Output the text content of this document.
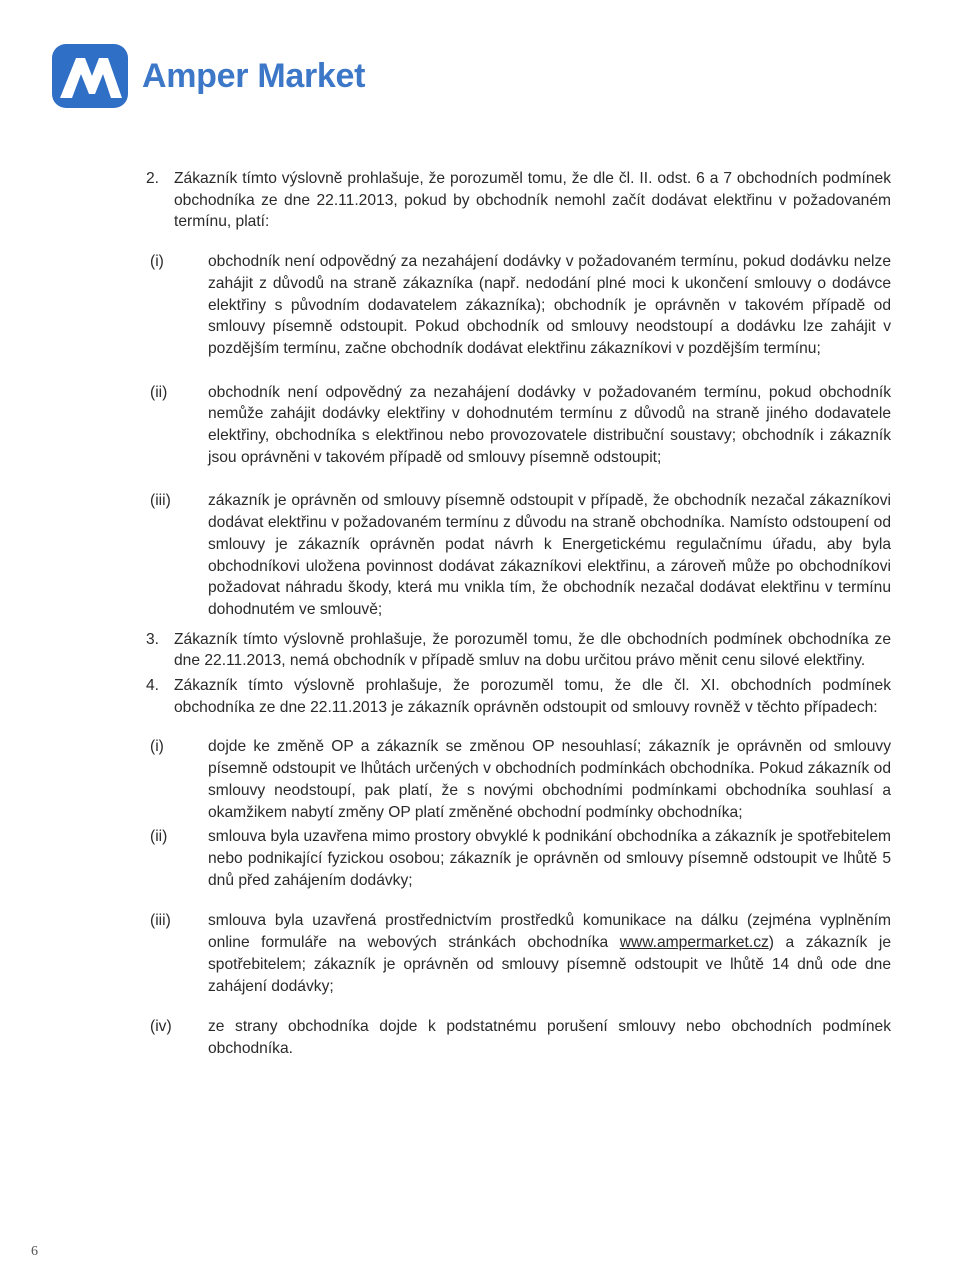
Amper Market
2. Zákazník tímto výslovně prohlašuje, že porozuměl tomu, že dle čl. II. odst. 6 a 7 obchodních podmínek obchodníka ze dne 22.11.2013, pokud by obchodník nemohl začít dodávat elektřinu v požadovaném termínu, platí:

(i)	obchodník není odpovědný za nezahájení dodávky v požadovaném termínu, pokud dodávku nelze zahájit z důvodů na straně zákazníka (např. nedodání plné moci k ukončení smlouvy o dodávce elektřiny s původním dodavatelem zákazníka); obchodník je oprávněn v takovém případě od smlouvy písemně odstoupit. Pokud obchodník od smlouvy neodstoupí a dodávku lze zahájit v pozdějším termínu, začne obchodník dodávat elektřinu zákazníkovi v pozdějším termínu;

(ii)	obchodník není odpovědný za nezahájení dodávky v požadovaném termínu, pokud obchodník nemůže zahájit dodávky elektřiny v dohodnutém termínu z důvodů na straně jiného dodavatele elektřiny, obchodníka s elektřinou nebo provozovatele distribuční soustavy; obchodník i zákazník jsou oprávněni v takovém případě od smlouvy písemně odstoupit;

(iii) zákazník je oprávněn od smlouvy písemně odstoupit v případě, že obchodník nezačal zákazníkovi dodávat elektřinu v požadovaném termínu z důvodu na straně obchodníka. Namísto odstoupení od smlouvy je zákazník oprávněn podat návrh k Energetickému regulačnímu úřadu, aby byla obchodníkovi uložena povinnost dodávat zákazníkovi elektřinu, a zároveň může po obchodníkovi požadovat náhradu škody, která mu vnikla tím, že obchodník nezačal dodávat elektřinu v termínu dohodnutém ve smlouvě;

3. Zákazník tímto výslovně prohlašuje, že porozuměl tomu, že dle obchodních podmínek obchodníka ze dne 22.11.2013, nemá obchodník v případě smluv na dobu určitou právo měnit cenu silové elektřiny.

4. Zákazník tímto výslovně prohlašuje, že porozuměl tomu, že dle čl. XI. obchodních podmínek obchodníka ze dne 22.11.2013 je zákazník oprávněn odstoupit od smlouvy rovněž v těchto případech:

(i)	dojde ke změně OP a zákazník se změnou OP nesouhlasí; zákazník je oprávněn od smlouvy písemně odstoupit ve lhůtách určených v obchodních podmínkách obchodníka. Pokud zákazník od smlouvy neodstoupí, pak platí, že s novými obchodními podmínkami obchodníka souhlasí a okamžikem nabytí změny OP platí změněné obchodní podmínky obchodníka;

(ii)	smlouva byla uzavřena mimo prostory obvyklé k podnikání obchodníka a zákazník je spotřebitelem nebo podnikající fyzickou osobou; zákazník je oprávněn od smlouvy písemně odstoupit ve lhůtě 5 dnů před zahájením dodávky;

(iii) smlouva byla uzavřená prostřednictvím prostředků komunikace na dálku (zejména vyplněním online formuláře na webových stránkách obchodníka www.ampermarket.cz) a zákazník je spotřebitelem; zákazník je oprávněn od smlouvy písemně odstoupit ve lhůtě 14 dnů ode dne zahájení dodávky;

(iv) ze strany obchodníka dojde k podstatnému porušení smlouvy nebo obchodních podmínek obchodníka.

6
